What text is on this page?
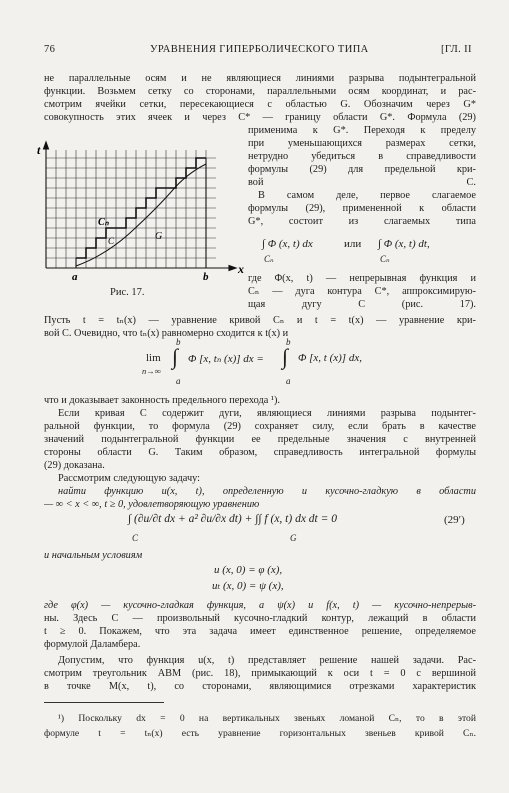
76	УРАВНЕНИЯ ГИПЕРБОЛИЧЕСКОГО ТИПА	[ГЛ. II
не параллельные осям и не являющиеся линиями разрыва подынтегральной
функции. Возьмем сетку со сторонами, параллельными осям координат, и рас-
смотрим ячейки сетки, пересекающиеся с областью G. Обозначим через G*
совокупность этих ячеек и через C* — границу области G*. Формула (29)
t
x
a	b
Cₙ
C	G
Рис. 17.
применима к G*. Переходя к пределу
при уменьшающихся размерах сетки,
нетрудно убедиться в справедливости
формулы (29) для предельной кри-
вой C.
В самом деле, первое слагаемое
формулы (29), примененной к области
G*, состоит из слагаемых типа
∫ Φ (x, t) dx
Cₙ
или ∫ Φ (x, t) dt,
Cₙ
где Φ(x, t) — непрерывная функция и
Cₙ — дуга контура C*, аппроксимирую-
щая дугу C (рис. 17).
Пусть t = tₙ(x) — уравнение кривой Cₙ и t = t(x) — уравнение кри-
вой C. Очевидно, что tₙ(x) равномерно сходится к t(x) и
lim
n→∞
b
∫
a
Φ [x, tₙ (x)] dx =
b
∫
a
Φ [x, t (x)] dx,
что и доказывает законность предельного перехода ¹).
Если кривая C содержит дуги, являющиеся линиями разрыва подынтег-
ральной функции, то формула (29) сохраняет силу, если брать в качестве
значений подынтегральной функции ее предельные значения с внутренней
стороны области G. Таким образом, справедливость интегральной формулы
(29) доказана.
Рассмотрим следующую задачу:
найти функцию u(x, t), определенную и кусочно-гладкую в области
— ∞ < x < ∞, t ≥ 0, удовлетворяющую уравнению
∫ (∂u/∂t dx + a² ∂u/∂x dt) + ∫∫ f (x, t) dx dt = 0
C	G
(29′)
и начальным условиям
u (x, 0) = φ (x),
uₜ (x, 0) = ψ (x),
где φ(x) — кусочно-гладкая функция, а ψ(x) и f(x, t) — кусочно-непрерыв-
ны. Здесь C — произвольный кусочно-гладкий контур, лежащий в области
t ≥ 0. Покажем, что эта задача имеет единственное решение, определяемое
формулой Даламбера.
Допустим, что функция u(x, t) представляет решение нашей задачи. Рас-
смотрим треугольник ABM (рис. 18), примыкающий к оси t = 0 с вершиной
в точке M(x, t), со сторонами, являющимися отрезками характеристик
¹) Поскольку dx = 0 на вертикальных звеньях ломаной Cₙ, то в этой
формуле t = tₙ(x) есть уравнение горизонтальных звеньев кривой Cₙ.
